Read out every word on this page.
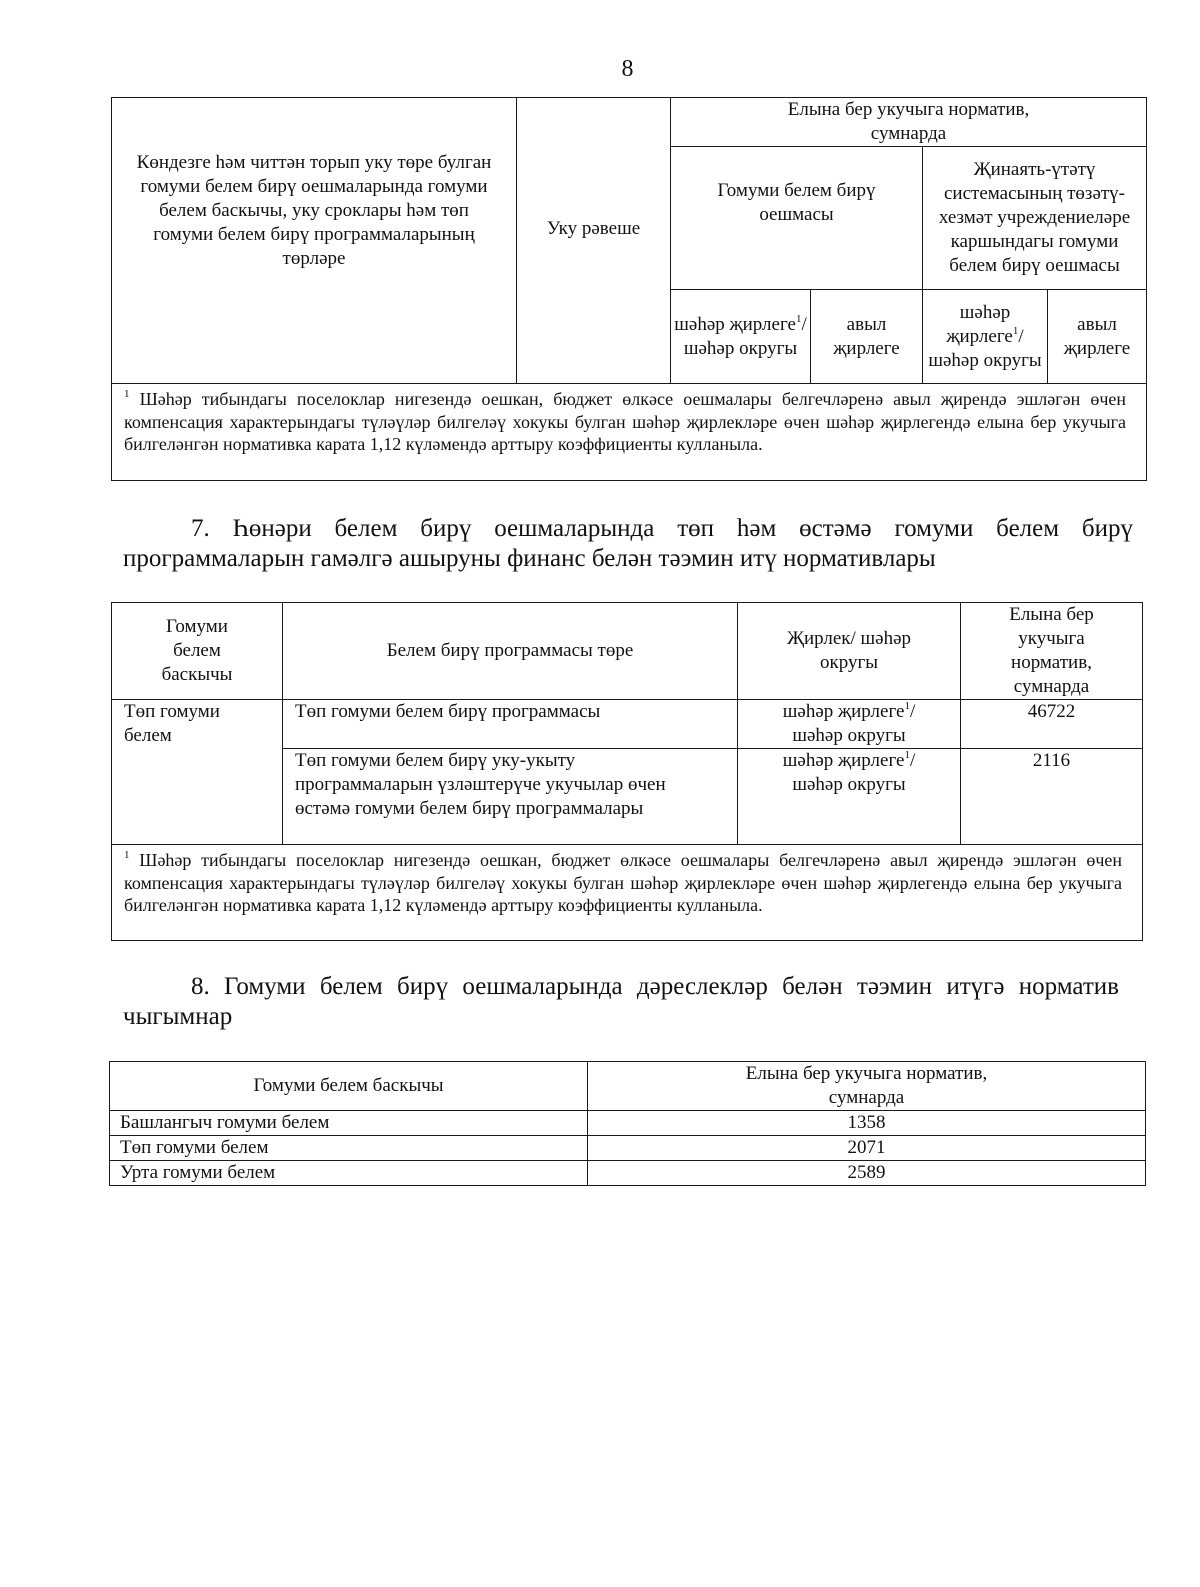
8
Көндезге һәм читтән торып уку төре булган гомуми белем бирү оешмаларында гомуми белем баскычы, уку сроклары һәм төп гомуми белем бирү программаларының төрләре	Уку рәвеше	Елына бер укучыга норматив, сумнарда			
		Гомуми белем бирү оешмасы		Җинаять-үтәтү системасының төзәтү-хезмәт учреждениеләре каршындагы гомуми белем бирү оешмасы	
		шәһәр җирлеге$^1$/ шәһәр округы	авыл җирлеге	шәһәр җирлеге$^1$/ шәһәр округы	авыл җирлеге
$^1$ Шәһәр тибындагы поселоклар нигезендә оешкан, бюджет өлкәсе оешмалары белгечләренә авыл җирендә эшләгән өчен компенсация характерындагы түләүләр билгеләү хокукы булган шәһәр җирлекләре өчен шәһәр җирлегендә елына бер укучыга билгеләнгән нормативка карата 1,12 күләмендә арттыру коэффициенты кулланыла.					
7. Һөнәри белем бирү оешмаларында төп һәм өстәмә гомуми белем бирү программаларын гамәлгә ашыруны финанс белән тәэмин итү нормативлары
Гомуми белем баскычы	Белем бирү программасы төре	Җирлек/ шәһәр округы	Елына бер укучыга норматив, сумнарда
Төп гомуми белем	Төп гомуми белем бирү программасы	шәһәр җирлеге$^1$/ шәһәр округы	46722
	Төп гомуми белем бирү уку-укыту программаларын үзләштерүче укучылар өчен өстәмә гомуми белем бирү программалары	шәһәр җирлеге$^1$/ шәһәр округы	2116
$^1$ Шәһәр тибындагы поселоклар нигезендә оешкан, бюджет өлкәсе оешмалары белгечләренә авыл җирендә эшләгән өчен компенсация характерындагы түләүләр билгеләү хокукы булган шәһәр җирлекләре өчен шәһәр җирлегендә елына бер укучыга билгеләнгән нормативка карата 1,12 күләмендә арттыру коэффициенты кулланыла.			
8. Гомуми белем бирү оешмаларында дәреслекләр белән тәэмин итүгә норматив чыгымнар
Гомуми белем баскычы	Елына бер укучыга норматив, сумнарда
Башлангыч гомуми белем	1358
Төп гомуми белем	2071
Урта гомуми белем	2589
